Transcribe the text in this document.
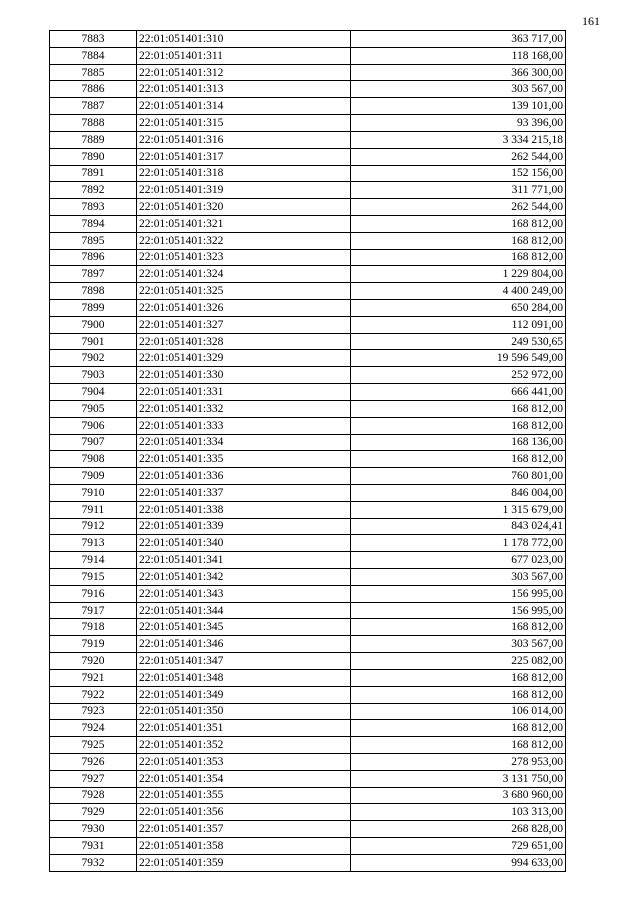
161
7883	22:01:051401:310	363 717,00
7884	22:01:051401:311	118 168,00
7885	22:01:051401:312	366 300,00
7886	22:01:051401:313	303 567,00
7887	22:01:051401:314	139 101,00
7888	22:01:051401:315	93 396,00
7889	22:01:051401:316	3 334 215,18
7890	22:01:051401:317	262 544,00
7891	22:01:051401:318	152 156,00
7892	22:01:051401:319	311 771,00
7893	22:01:051401:320	262 544,00
7894	22:01:051401:321	168 812,00
7895	22:01:051401:322	168 812,00
7896	22:01:051401:323	168 812,00
7897	22:01:051401:324	1 229 804,00
7898	22:01:051401:325	4 400 249,00
7899	22:01:051401:326	650 284,00
7900	22:01:051401:327	112 091,00
7901	22:01:051401:328	249 530,65
7902	22:01:051401:329	19 596 549,00
7903	22:01:051401:330	252 972,00
7904	22:01:051401:331	666 441,00
7905	22:01:051401:332	168 812,00
7906	22:01:051401:333	168 812,00
7907	22:01:051401:334	168 136,00
7908	22:01:051401:335	168 812,00
7909	22:01:051401:336	760 801,00
7910	22:01:051401:337	846 004,00
7911	22:01:051401:338	1 315 679,00
7912	22:01:051401:339	843 024,41
7913	22:01:051401:340	1 178 772,00
7914	22:01:051401:341	677 023,00
7915	22:01:051401:342	303 567,00
7916	22:01:051401:343	156 995,00
7917	22:01:051401:344	156 995,00
7918	22:01:051401:345	168 812,00
7919	22:01:051401:346	303 567,00
7920	22:01:051401:347	225 082,00
7921	22:01:051401:348	168 812,00
7922	22:01:051401:349	168 812,00
7923	22:01:051401:350	106 014,00
7924	22:01:051401:351	168 812,00
7925	22:01:051401:352	168 812,00
7926	22:01:051401:353	278 953,00
7927	22:01:051401:354	3 131 750,00
7928	22:01:051401:355	3 680 960,00
7929	22:01:051401:356	103 313,00
7930	22:01:051401:357	268 828,00
7931	22:01:051401:358	729 651,00
7932	22:01:051401:359	994 633,00
